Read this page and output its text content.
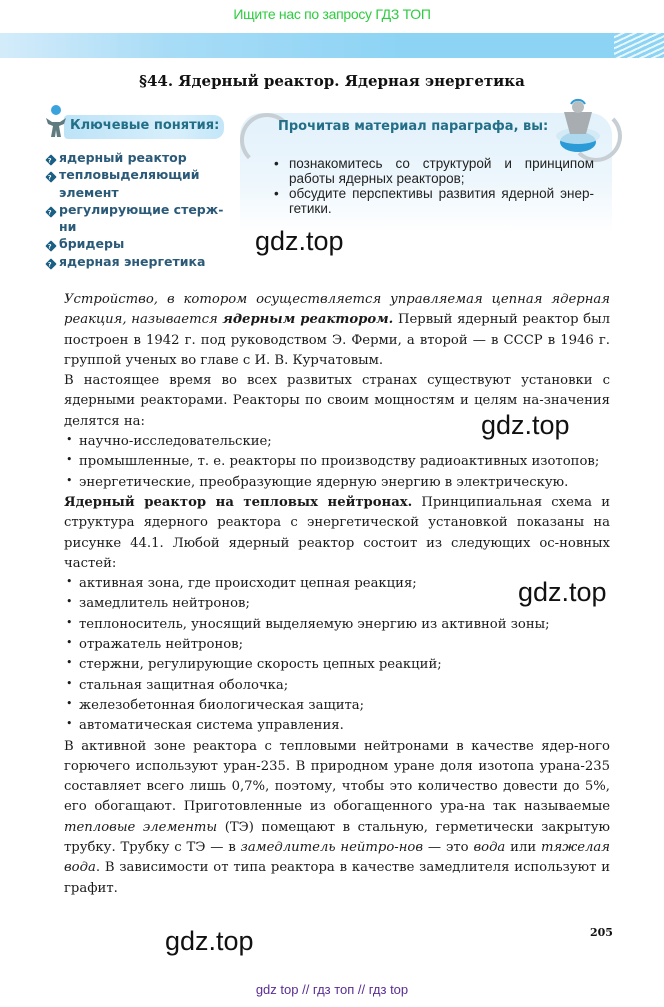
Ищите нас по запросу ГДЗ ТОП
§44. Ядерный реактор. Ядерная энергетика
Ключевые понятия:
?
ядерный реактор
?
тепловыделяющий элемент
?
регулирующие стерж-ни
?
бридеры
?
ядерная энергетика
Прочитав материал параграфа, вы:
• познакомитесь со структурой и принципом работы ядерных реакторов;
• обсудите перспективы развития ядерной энер-гетики.
gdz.top
gdz.top
gdz.top
gdz.top

Устройство, в котором осуществляется управляемая цепная ядерная реакция, называется ядерным реактором. Первый ядерный реактор был построен в 1942 г. под руководством Э. Ферми, а второй — в СССР в 1946 г. группой ученых во главе с И. В. Курчатовым.

В настоящее время во всех развитых странах существуют установки с ядерными реакторами. Реакторы по своим мощностям и целям на-значения делятся на:

• научно-исследовательские;

• промышленные, т. е. реакторы по производству радиоактивных изотопов;

• энергетические, преобразующие ядерную энергию в электрическую.

Ядерный реактор на тепловых нейтронах. Принципиальная схема и структура ядерного реактора с энергетической установкой показаны на рисунке 44.1. Любой ядерный реактор состоит из следующих ос-новных частей:

• активная зона, где происходит цепная реакция;

• замедлитель нейтронов;

• теплоноситель, уносящий выделяемую энергию из активной зоны;

• отражатель нейтронов;

• стержни, регулирующие скорость цепных реакций;

• стальная защитная оболочка;

• железобетонная биологическая защита;

• автоматическая система управления.

В активной зоне реактора с тепловыми нейтронами в качестве ядер-ного горючего используют уран-235. В природном уране доля изотопа урана-235 составляет всего лишь 0,7%, поэтому, чтобы это количество довести до 5%, его обогащают. Приготовленные из обогащенного ура-на так называемые тепловые элементы (ТЭ) помещают в стальную, герметически закрытую трубку. Трубку с ТЭ — в замедлитель нейтро-нов — это вода или тяжелая вода. В зависимости от типа реактора в качестве замедлителя используют и графит.

205
gdz top // гдз топ // гдз top
